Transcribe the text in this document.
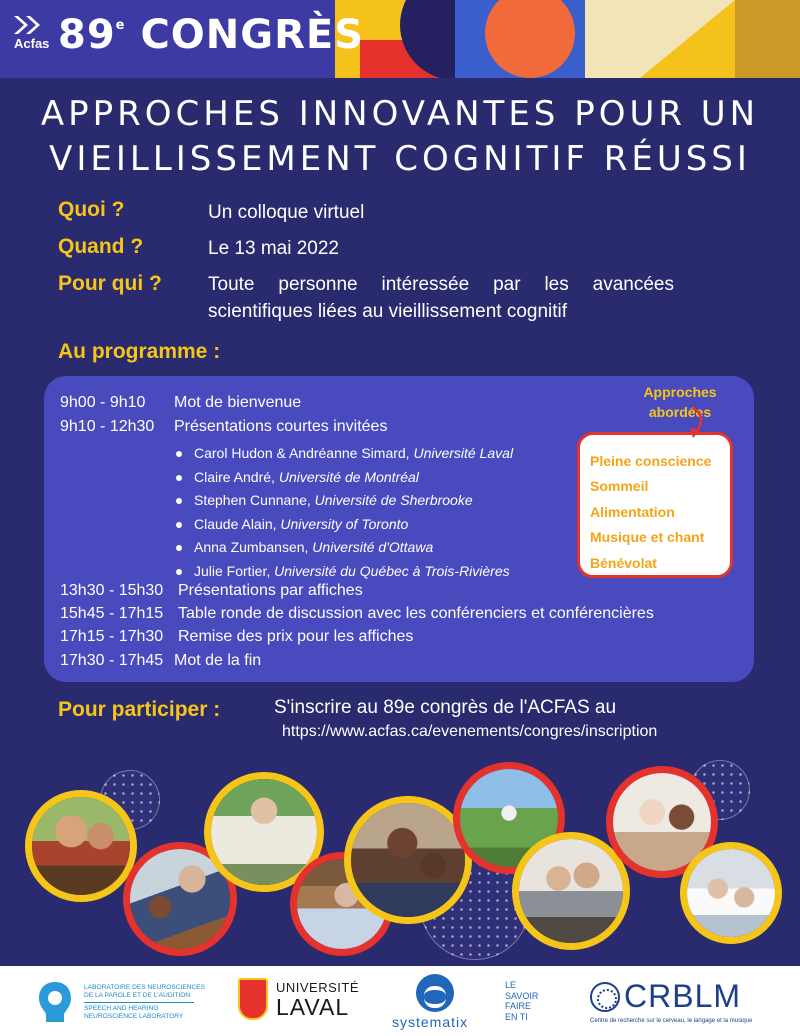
Acfas 89e CONGRÈS
APPROCHES INNOVANTES POUR UN
VIEILLISSEMENT COGNITIF RÉUSSI
Quoi ?	Un colloque virtuel
Quand ?	Le 13 mai 2022
Pour qui ? Toute personne intéressée par les avancées scientifiques liées au vieillissement cognitif
Au programme :
9h00 - 9h10 Mot de bienvenue
9h10 - 12h30 Présentations courtes invitées
Carol Hudon & Andréanne Simard, Université Laval
Claire André, Université de Montréal
Stephen Cunnane, Université de Sherbrooke
Claude Alain, University of Toronto
Anna Zumbansen, Université d'Ottawa
Julie Fortier, Université du Québec à Trois-Rivières
13h30 - 15h30 Présentations par affiches
15h45 - 17h15 Table ronde de discussion avec les conférenciers et conférencières
17h15 - 17h30 Remise des prix pour les affiches
17h30 - 17h45 Mot de la fin
Approches
abordées
Pleine conscience
Sommeil
Alimentation
Musique et chant
Bénévolat
Pour participer :	S'inscrire au 89e congrès de l'ACFAS au
https://www.acfas.ca/evenements/congres/inscription
LABORATOIRE DES NEUROSCIENCES
DE LA PAROLE ET DE L'AUDITION
SPEECH AND HEARING
NEUROSCIENCE LABORATORY
UNIVERSITÉ
LAVAL
systematix
LE
SAVOIR
FAIRE
EN TI
CRBLM
Centre de recherche sur le cerveau, le langage et la musique
